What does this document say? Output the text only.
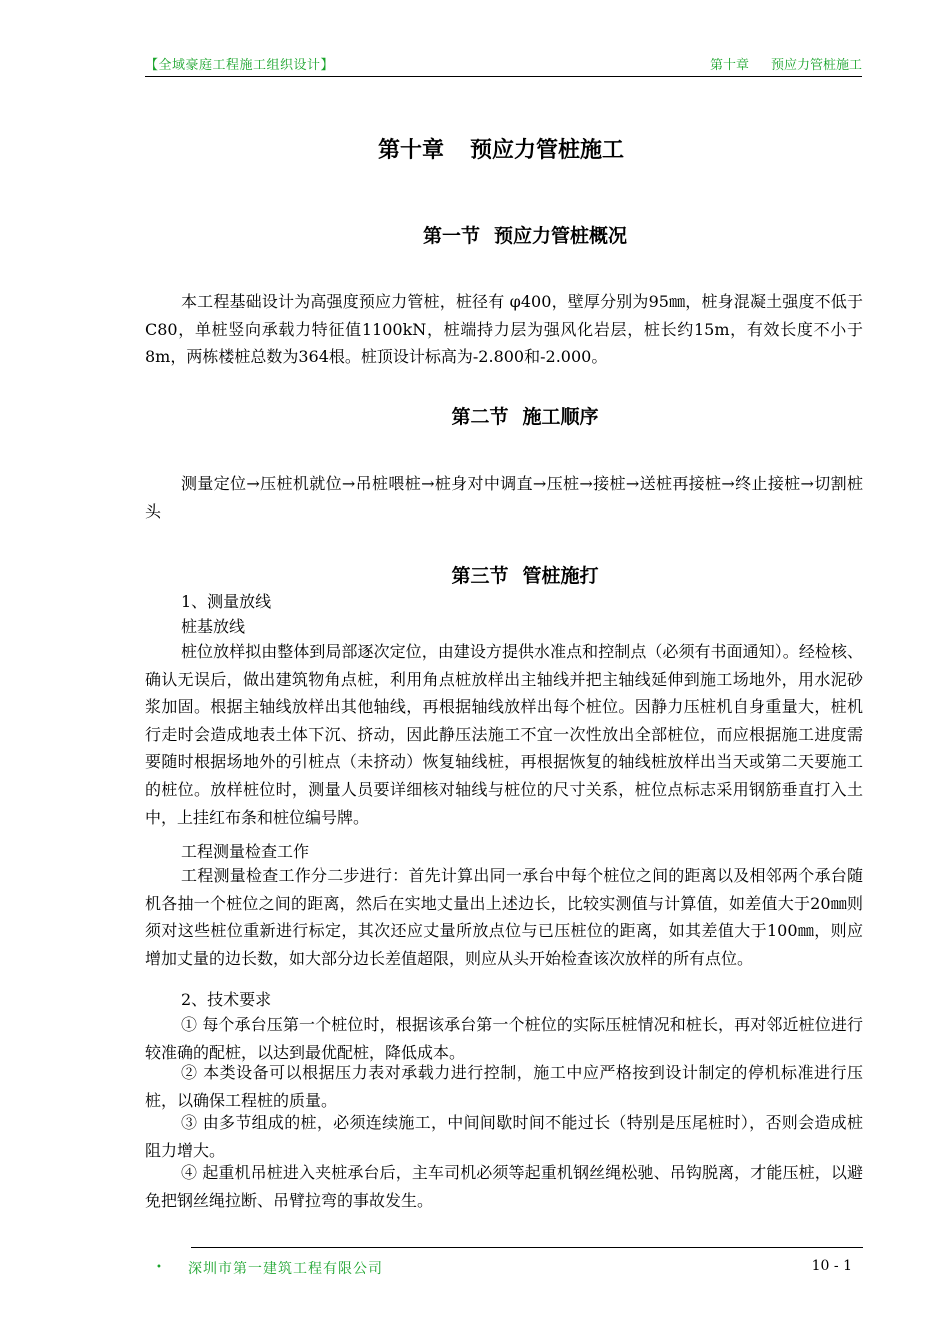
【全域豪庭工程施工组织设计】	第十章 预应力管桩施工
第十章 预应力管桩施工
第一节 预应力管桩概况

本工程基础设计为高强度预应力管桩，桩径有 φ400，壁厚分别为95㎜，桩身混凝土强度不低于C80，单桩竖向承载力特征值1100kN，桩端持力层为强风化岩层，桩长约15m，有效长度不小于8m，两栋楼桩总数为364根。桩顶设计标高为-2.800和-2.000。

第二节 施工顺序

测量定位→压桩机就位→吊桩喂桩→桩身对中调直→压桩→接桩→送桩再接桩→终止接桩→切割桩头

第三节 管桩施打

1、测量放线

桩基放线

桩位放样拟由整体到局部逐次定位，由建设方提供水准点和控制点（必须有书面通知）。经检核、确认无误后，做出建筑物角点桩，利用角点桩放样出主轴线并把主轴线延伸到施工场地外，用水泥砂浆加固。根据主轴线放样出其他轴线，再根据轴线放样出每个桩位。因静力压桩机自身重量大，桩机行走时会造成地表土体下沉、挤动，因此静压法施工不宜一次性放出全部桩位，而应根据施工进度需要随时根据场地外的引桩点（未挤动）恢复轴线桩，再根据恢复的轴线桩放样出当天或第二天要施工的桩位。放样桩位时，测量人员要详细核对轴线与桩位的尺寸关系，桩位点标志采用钢筋垂直打入土中，上挂红布条和桩位编号牌。

工程测量检查工作

工程测量检查工作分二步进行：首先计算出同一承台中每个桩位之间的距离以及相邻两个承台随机各抽一个桩位之间的距离，然后在实地丈量出上述边长，比较实测值与计算值，如差值大于20㎜则须对这些桩位重新进行标定，其次还应丈量所放点位与已压桩位的距离，如其差值大于100㎜，则应增加丈量的边长数，如大部分边长差值超限，则应从头开始检查该次放样的所有点位。

2、技术要求

① 每个承台压第一个桩位时，根据该承台第一个桩位的实际压桩情况和桩长，再对邻近桩位进行较准确的配桩，以达到最优配桩，降低成本。

② 本类设备可以根据压力表对承载力进行控制，施工中应严格按到设计制定的停机标准进行压桩，以确保工程桩的质量。

③ 由多节组成的桩，必须连续施工，中间间歇时间不能过长（特别是压尾桩时），否则会造成桩阻力增大。

④ 起重机吊桩进入夹桩承台后，主车司机必须等起重机钢丝绳松驰、吊钩脱离，才能压桩，以避免把钢丝绳拉断、吊臂拉弯的事故发生。

• 深圳市第一建筑工程有限公司	10 - 1
